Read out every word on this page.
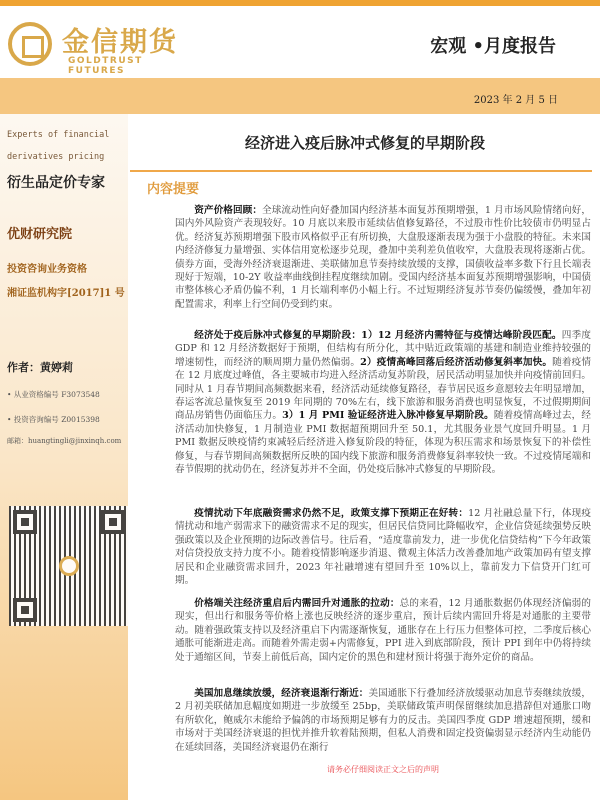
金信期货
GOLDTRUST FUTURES
宏观 •月度报告
2023 年 2 月 5 日
Experts of financial
derivatives pricing
衍生品定价专家
优财研究院
投资咨询业务资格
湘证监机构字[2017]1 号
作者：黄婷莉
• 从业资格编号 F3073548
• 投资咨询编号 Z0015398
邮箱：huangtingli@jinxinqh.com
经济进入疫后脉冲式修复的早期阶段
内容提要
资产价格回顾：全球流动性向好叠加国内经济基本面复苏预期增强，1 月市场风险情绪向好，国内外风险资产表现较好。10 月底以来股市延续估值修复路径，不过股市性价比较债市仍明显占优。经济复苏预期增强下股市风格似乎正有所切换，大盘股逐渐表现为强于小盘股的特征。未来国内经济修复力量增强、实体信用宽松逐步兑现，叠加中美利差负值收窄，大盘股表现将逐渐占优。债券方面，受海外经济衰退渐进、美联储加息节奏持续放缓的支撑，国债收益率多数下行且长端表现好于短端，10-2Y 收益率曲线倒挂程度继续加剧。受国内经济基本面复苏预期增强影响，中国债市整体核心矛盾仍偏不利，1 月长端利率仍小幅上行。不过短期经济复苏节奏仍偏缓慢，叠加年初配置需求，利率上行空间仍受到约束。
经济处于疫后脉冲式修复的早期阶段：1）12 月经济内需特征与疫情达峰阶段匹配。四季度 GDP 和 12 月经济数据好于预期，但结构有所分化，其中贴近政策端的基建和制造业维持较强的增速韧性，而经济的顺周期力量仍然偏弱。2）疫情高峰回落后经济活动修复斜率加快。随着疫情在 12 月底度过峰值，各主要城市均进入经济活动复苏阶段，居民活动明显加快并向疫情前回归。同时从 1 月春节期间高频数据来看，经济活动延续修复路径，春节居民返乡意愿较去年明显增加，春运客流总量恢复至 2019 年同期的 70%左右，线下旅游和服务消费也明显恢复，不过假期期间商品房销售仍面临压力。3）1 月 PMI 验证经济进入脉冲修复早期阶段。随着疫情高峰过去，经济活动加快修复，1 月制造业 PMI 数据超预期回升至 50.1，尤其服务业景气度回升明显。1 月 PMI 数据反映疫情约束减轻后经济进入修复阶段的特征，体现为积压需求和场景恢复下的补偿性修复，与春节期间高频数据所反映的国内线下旅游和服务消费修复斜率较快一致。不过疫情尾端和春节假期的扰动仍在，经济复苏并不全面，仍处疫后脉冲式修复的早期阶段。
疫情扰动下年底融资需求仍然不足，政策支撑下预期正在好转：12 月社融总量下行，体现疫情扰动和地产弱需求下的融资需求不足的现实，但居民信贷同比降幅收窄，企业信贷延续强势反映强政策以及企业预期的边际改善信号。往后看，“适度靠前发力，进一步优化信贷结构”下今年政策对信贷投放支持力度不小。随着疫情影响逐步消退、微观主体活力改善叠加地产政策加码有望支撑居民和企业融资需求回升，2023 年社融增速有望回升至 10%以上，靠前发力下信贷开门红可期。
价格端关注经济重启后内需回升对通胀的拉动：总的来看，12 月通胀数据仍体现经济偏弱的现实，但出行和服务等价格上涨也反映经济的逐步重启，预计后续内需回升将是对通胀的主要带动。随着强政策支持以及经济重启下内需逐渐恢复，通胀存在上行压力但整体可控，二季度后核心通胀可能渐进走高。而随着外需走弱+内需修复，PPI 进入到底部阶段，预计 PPI 到年中仍将持续处于通缩区间，节奏上前低后高，国内定价的黑色和建材预计将强于海外定价的商品。
美国加息继续放缓，经济衰退渐行渐近：美国通胀下行叠加经济放缓驱动加息节奏继续放缓，2 月初美联储加息幅度如期进一步放缓至 25bp，美联储政策声明保留继续加息措辞但对通胀口吻有所软化，鲍威尔未能给予偏鸽的市场预期足够有力的反击。美国四季度 GDP 增速超预期，缓和市场对于美国经济衰退的担忧并推升软着陆预期，但私人消费和固定投资偏弱显示经济内生动能仍在延续回落，美国经济衰退仍在渐行
请务必仔细阅读正文之后的声明
